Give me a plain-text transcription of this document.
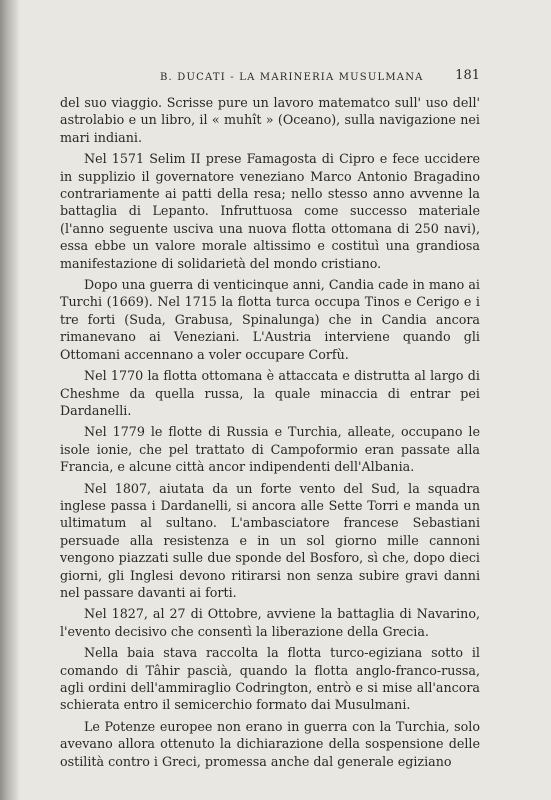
B. DUCATI - LA MARINERIA MUSULMANA 181

del suo viaggio. Scrisse pure un lavoro matematco sull' uso dell' astrolabio e un libro, il « muhît » (Oceano), sulla navigazione nei mari indiani.

Nel 1571 Selim II prese Famagosta di Cipro e fece uccidere in supplizio il governatore veneziano Marco Antonio Bragadino contrariamente ai patti della resa; nello stesso anno avvenne la battaglia di Lepanto. Infruttuosa come successo materiale (l'anno seguente usciva una nuova flotta ottomana di 250 navi), essa ebbe un valore morale altissimo e costituì una grandiosa manifestazione di solidarietà del mondo cristiano.

Dopo una guerra di venticinque anni, Candia cade in mano ai Turchi (1669). Nel 1715 la flotta turca occupa Tinos e Cerigo e i tre forti (Suda, Grabusa, Spinalunga) che in Candia ancora rimanevano ai Veneziani. L'Austria interviene quando gli Ottomani accennano a voler occupare Corfù.

Nel 1770 la flotta ottomana è attaccata e distrutta al largo di Cheshme da quella russa, la quale minaccia di entrar pei Dardanelli.

Nel 1779 le flotte di Russia e Turchia, alleate, occupano le isole ionie, che pel trattato di Campoformio eran passate alla Francia, e alcune città ancor indipendenti dell'Albania.

Nel 1807, aiutata da un forte vento del Sud, la squadra inglese passa i Dardanelli, si ancora alle Sette Torri e manda un ultimatum al sultano. L'ambasciatore francese Sebastiani persuade alla resistenza e in un sol giorno mille cannoni vengono piazzati sulle due sponde del Bosforo, sì che, dopo dieci giorni, gli Inglesi devono ritirarsi non senza subire gravi danni nel passare davanti ai forti.

Nel 1827, al 27 di Ottobre, avviene la battaglia di Navarino, l'evento decisivo che consentì la liberazione della Grecia.

Nella baia stava raccolta la flotta turco-egiziana sotto il comando di Tâhir pascià, quando la flotta anglo-franco-russa, agli ordini dell'ammiraglio Codrington, entrò e si mise all'ancora schierata entro il semicerchio formato dai Musulmani.

Le Potenze europee non erano in guerra con la Turchia, solo avevano allora ottenuto la dichiarazione della sospensione delle ostilità contro i Greci, promessa anche dal generale egiziano
